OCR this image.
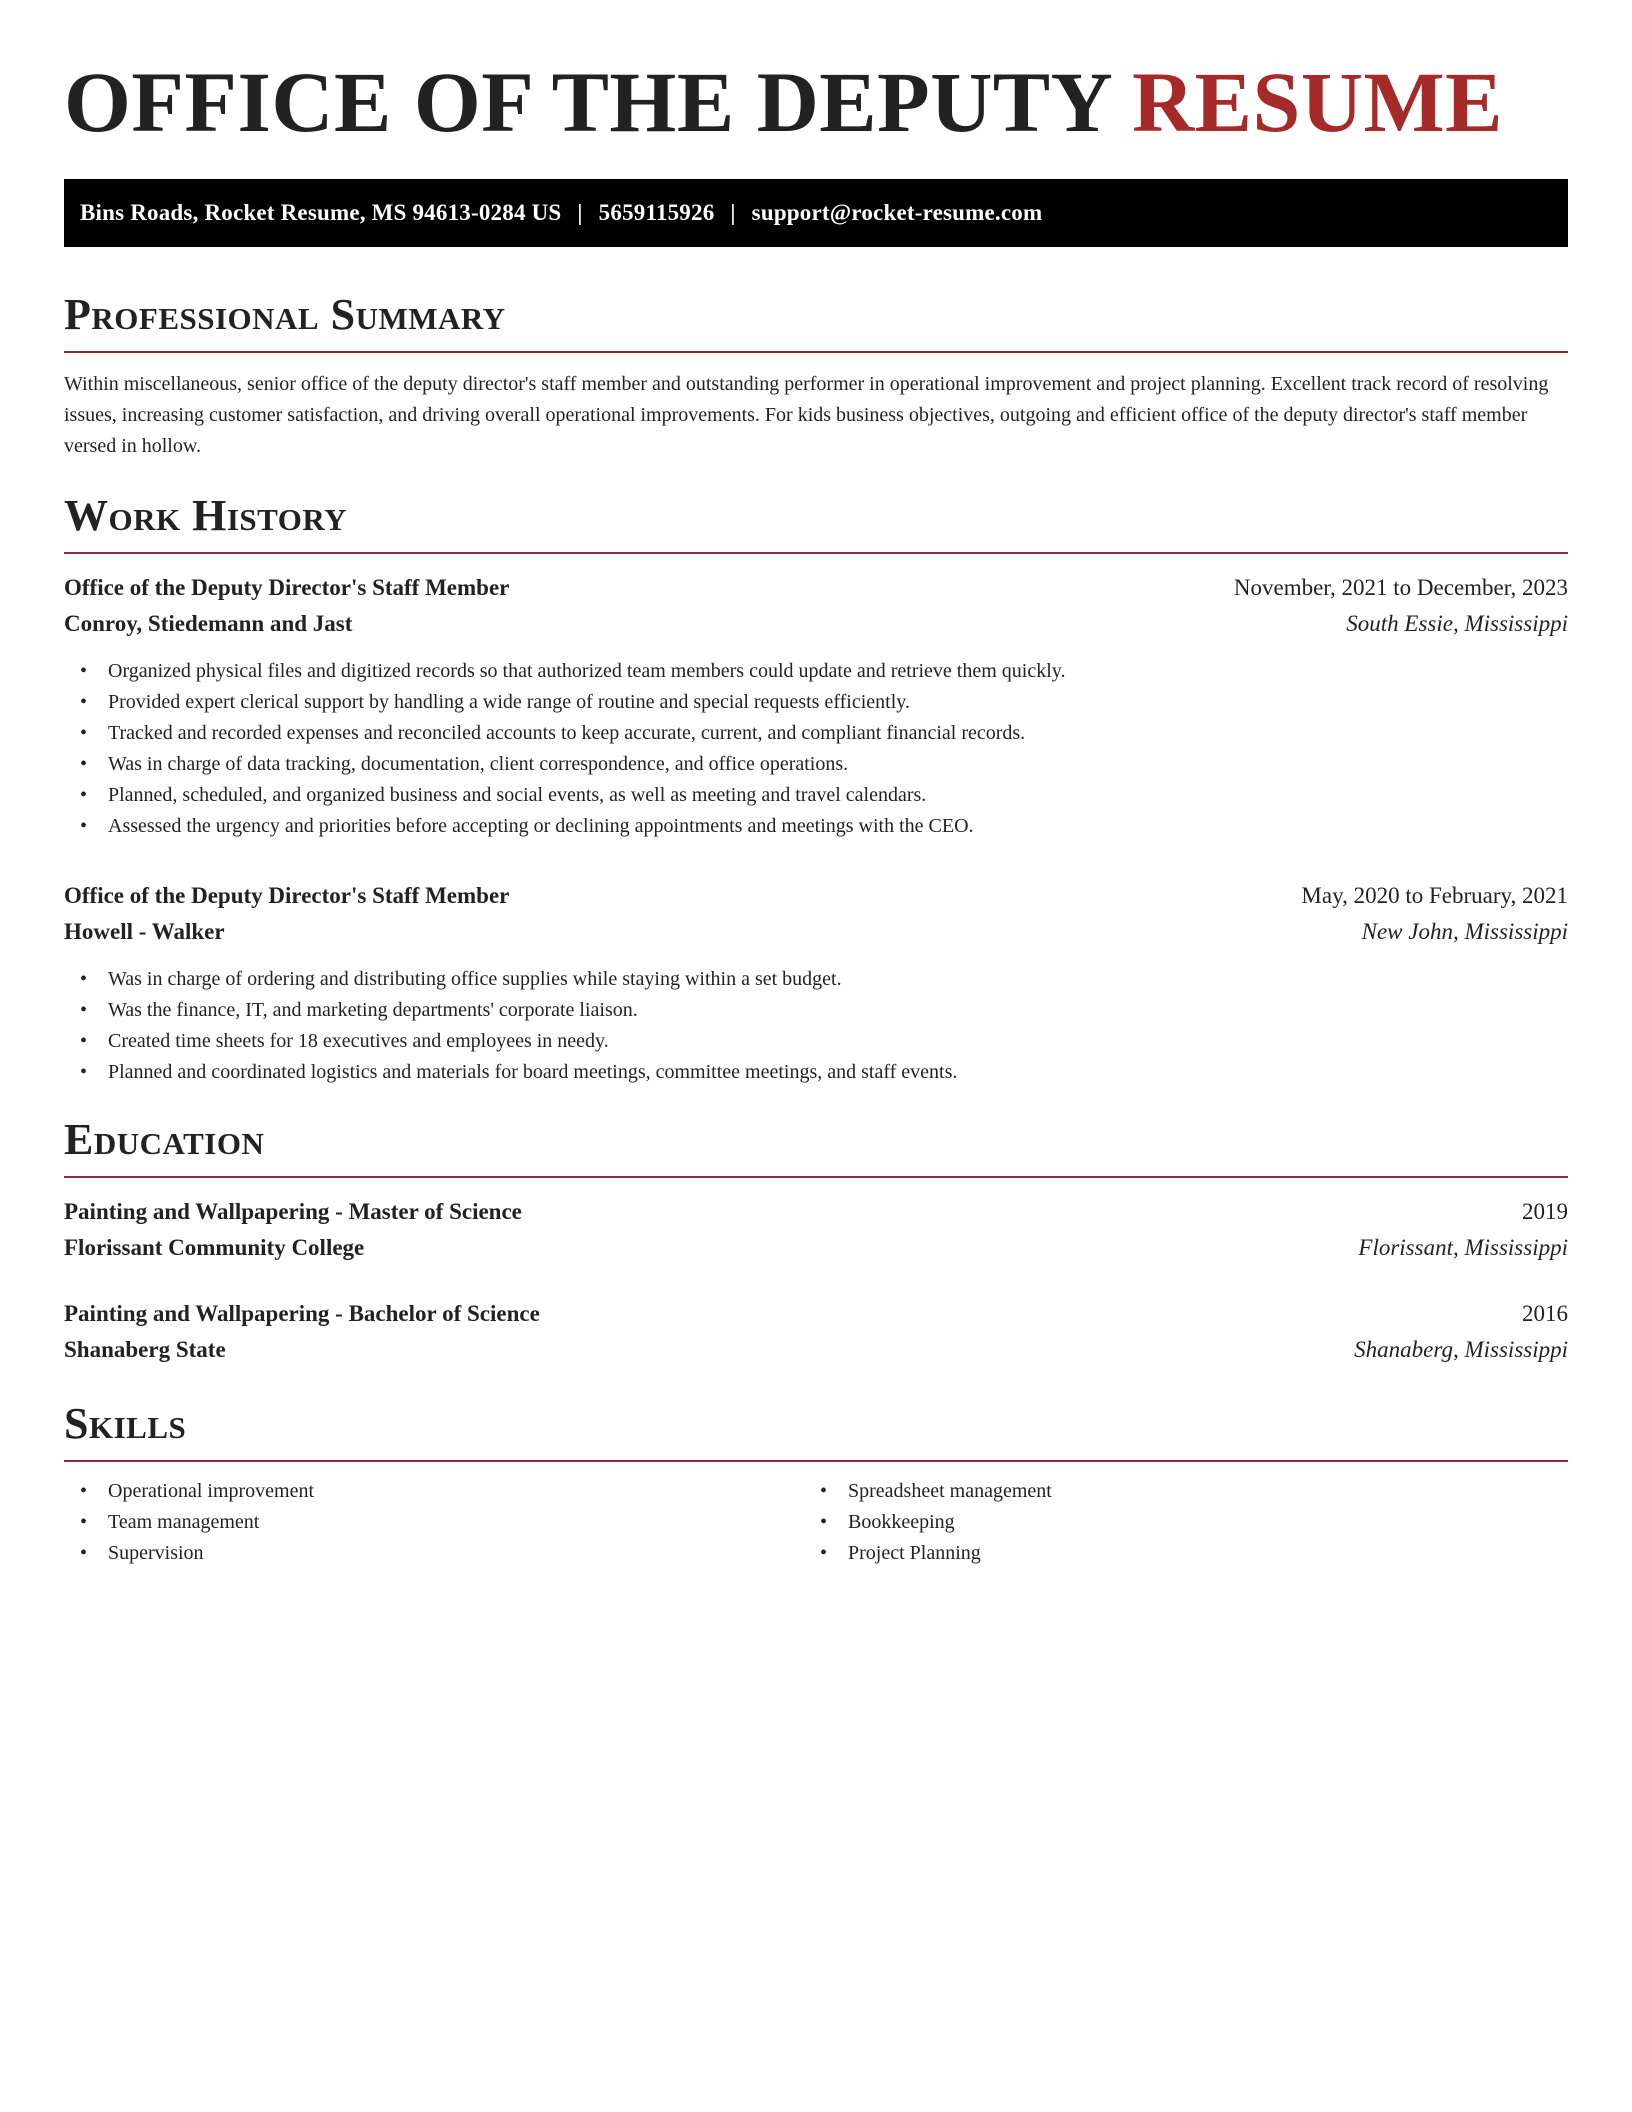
OFFICE OF THE DEPUTY RESUME
Bins Roads, Rocket Resume, MS 94613-0284 US | 5659115926 | support@rocket-resume.com
Professional Summary

Within miscellaneous, senior office of the deputy director's staff member and outstanding performer in operational improvement and project planning. Excellent track record of resolving issues, increasing customer satisfaction, and driving overall operational improvements. For kids business objectives, outgoing and efficient office of the deputy director's staff member versed in hollow.

Work History
Office of the Deputy Director's Staff Member	November, 2021 to December, 2023
Conroy, Stiedemann and Jast	South Essie, Mississippi
• Organized physical files and digitized records so that authorized team members could update and retrieve them quickly.
• Provided expert clerical support by handling a wide range of routine and special requests efficiently.
• Tracked and recorded expenses and reconciled accounts to keep accurate, current, and compliant financial records.
• Was in charge of data tracking, documentation, client correspondence, and office operations.
• Planned, scheduled, and organized business and social events, as well as meeting and travel calendars.
• Assessed the urgency and priorities before accepting or declining appointments and meetings with the CEO.
Office of the Deputy Director's Staff Member	May, 2020 to February, 2021
Howell - Walker	New John, Mississippi
• Was in charge of ordering and distributing office supplies while staying within a set budget.
• Was the finance, IT, and marketing departments' corporate liaison.
• Created time sheets for 18 executives and employees in needy.
• Planned and coordinated logistics and materials for board meetings, committee meetings, and staff events.
Education
Painting and Wallpapering - Master of Science	2019
Florissant Community College	Florissant, Mississippi
Painting and Wallpapering - Bachelor of Science	2016
Shanaberg State	Shanaberg, Mississippi
Skills
• Operational improvement
• Team management
• Supervision
• Spreadsheet management
• Bookkeeping
• Project Planning
